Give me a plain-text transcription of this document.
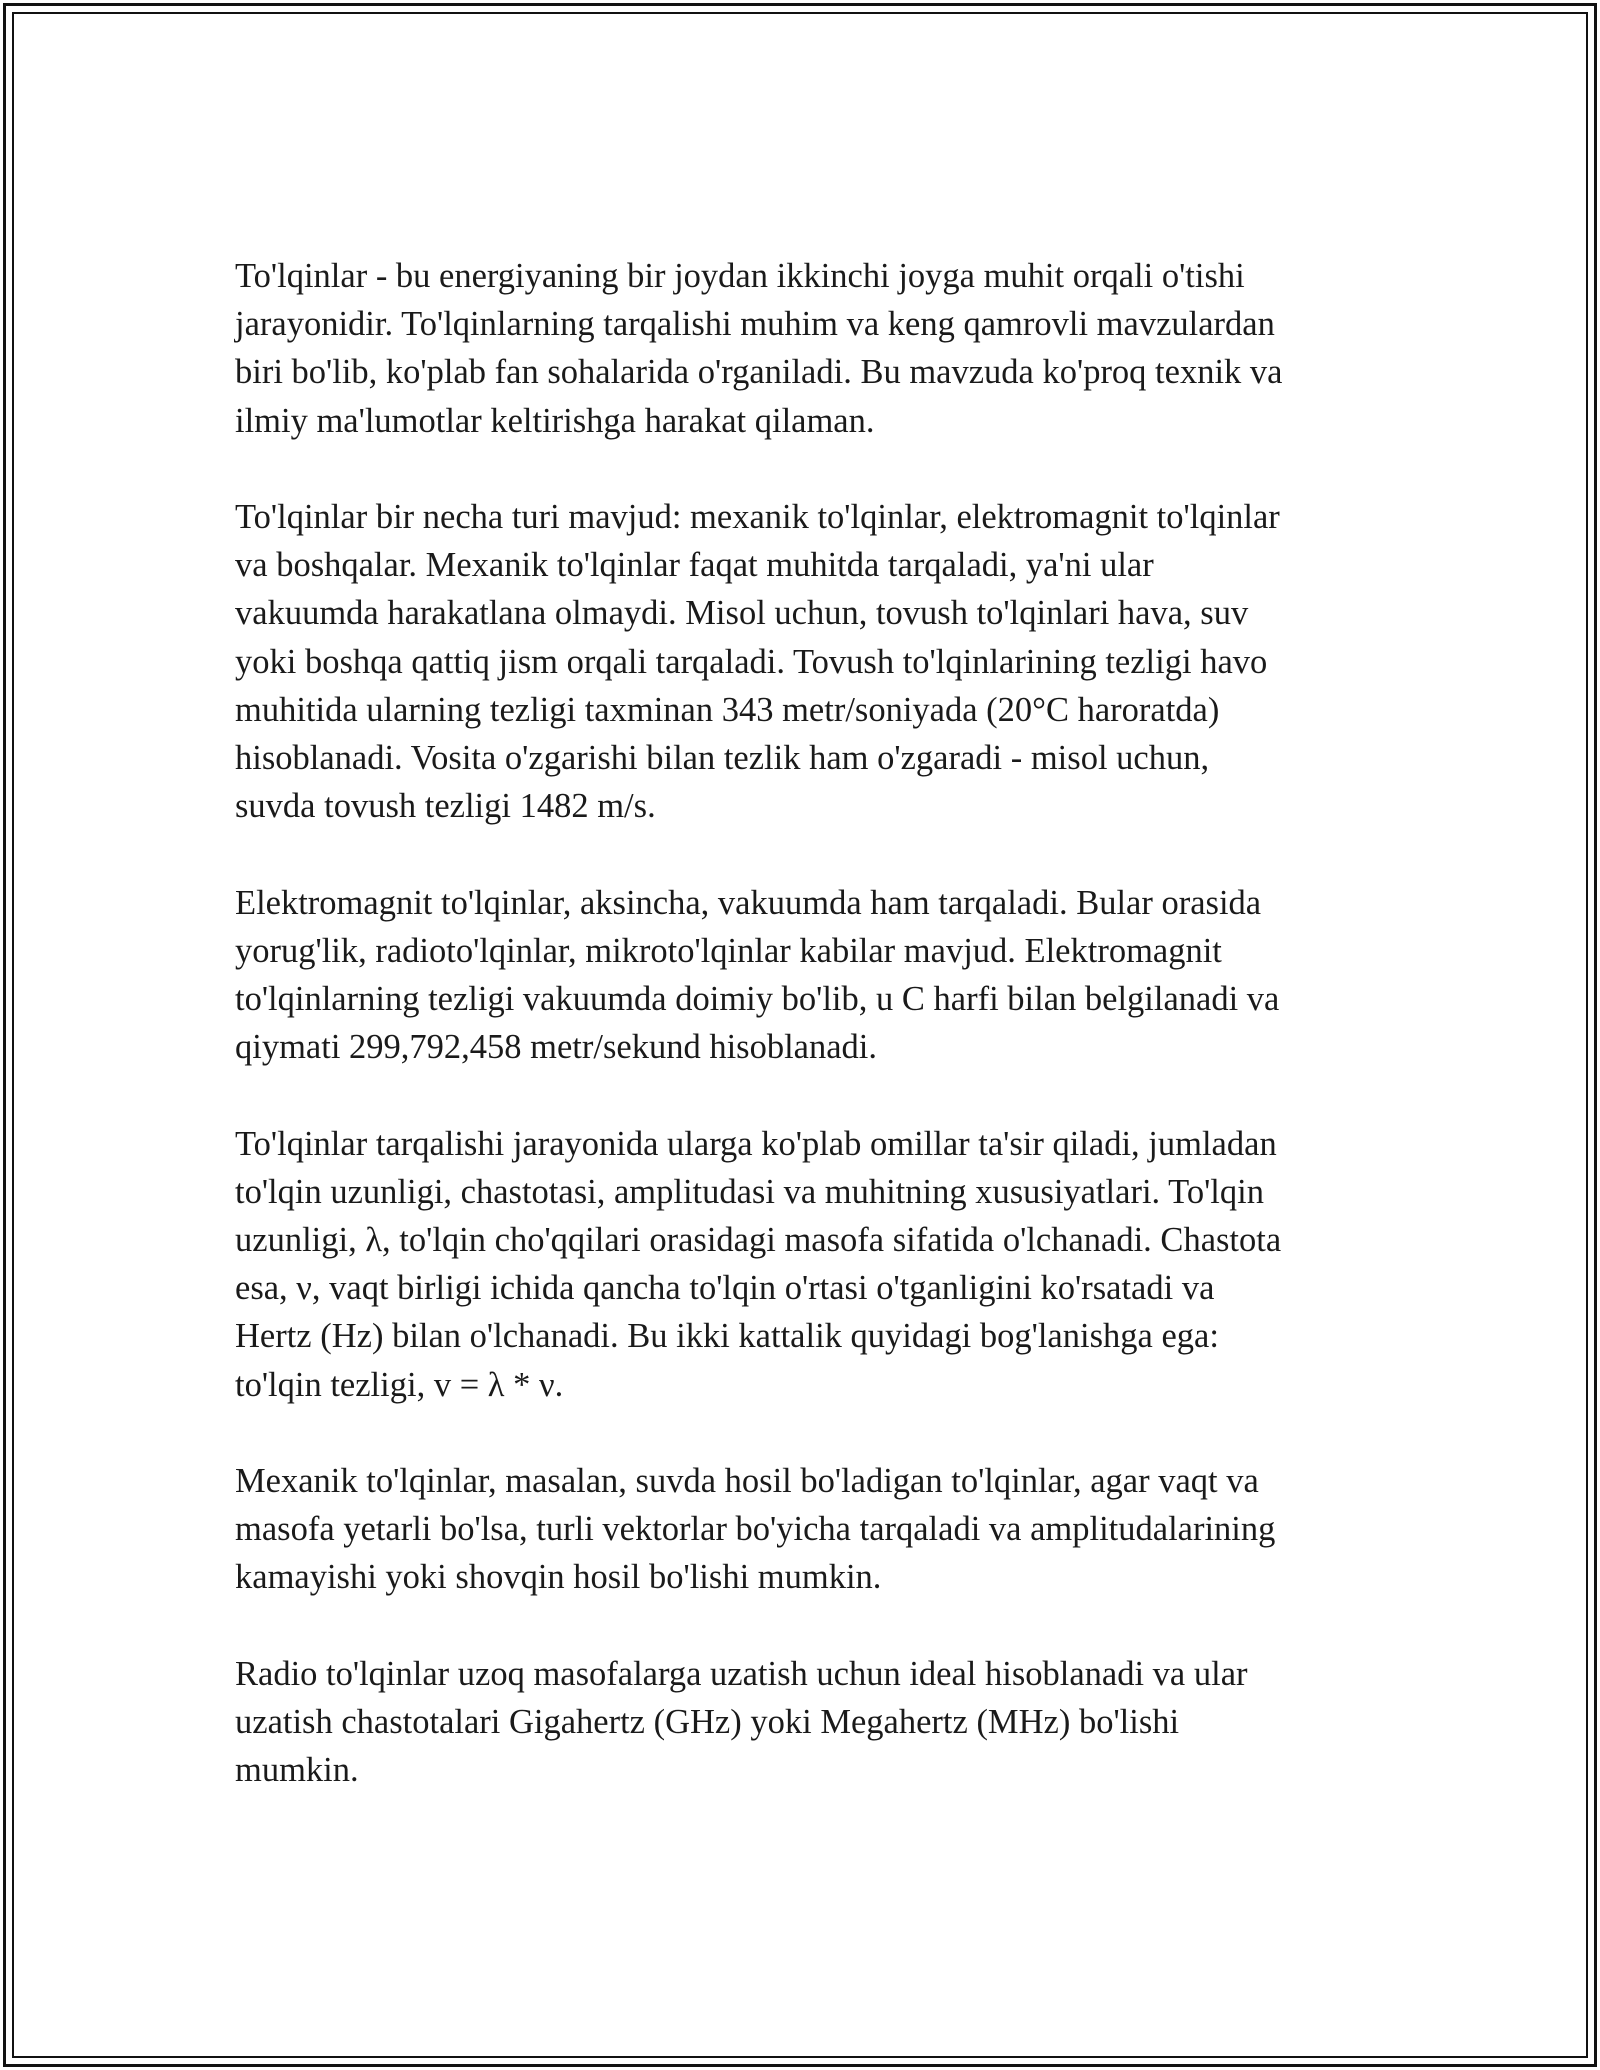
To'lqinlar - bu energiyaning bir joydan ikkinchi joyga muhit orqali o'tishi
jarayonidir. To'lqinlarning tarqalishi muhim va keng qamrovli mavzulardan
biri bo'lib, ko'plab fan sohalarida o'rganiladi. Bu mavzuda ko'proq texnik va
ilmiy ma'lumotlar keltirishga harakat qilaman.

To'lqinlar bir necha turi mavjud: mexanik to'lqinlar, elektromagnit to'lqinlar
va boshqalar. Mexanik to'lqinlar faqat muhitda tarqaladi, ya'ni ular
vakuumda harakatlana olmaydi. Misol uchun, tovush to'lqinlari hava, suv
yoki boshqa qattiq jism orqali tarqaladi. Tovush to'lqinlarining tezligi havo
muhitida ularning tezligi taxminan 343 metr/soniyada (20°C haroratda)
hisoblanadi. Vosita o'zgarishi bilan tezlik ham o'zgaradi - misol uchun,
suvda tovush tezligi 1482 m/s.

Elektromagnit to'lqinlar, aksincha, vakuumda ham tarqaladi. Bular orasida
yorug'lik, radioto'lqinlar, mikroto'lqinlar kabilar mavjud. Elektromagnit
to'lqinlarning tezligi vakuumda doimiy bo'lib, u C harfi bilan belgilanadi va
qiymati 299,792,458 metr/sekund hisoblanadi.

To'lqinlar tarqalishi jarayonida ularga ko'plab omillar ta'sir qiladi, jumladan
to'lqin uzunligi, chastotasi, amplitudasi va muhitning xususiyatlari. To'lqin
uzunligi, λ, to'lqin cho'qqilari orasidagi masofa sifatida o'lchanadi. Chastota
esa, ν, vaqt birligi ichida qancha to'lqin o'rtasi o'tganligini ko'rsatadi va
Hertz (Hz) bilan o'lchanadi. Bu ikki kattalik quyidagi bog'lanishga ega:
to'lqin tezligi, v = λ * ν.

Mexanik to'lqinlar, masalan, suvda hosil bo'ladigan to'lqinlar, agar vaqt va
masofa yetarli bo'lsa, turli vektorlar bo'yicha tarqaladi va amplitudalarining
kamayishi yoki shovqin hosil bo'lishi mumkin.

Radio to'lqinlar uzoq masofalarga uzatish uchun ideal hisoblanadi va ular
uzatish chastotalari Gigahertz (GHz) yoki Megahertz (MHz) bo'lishi
mumkin.
